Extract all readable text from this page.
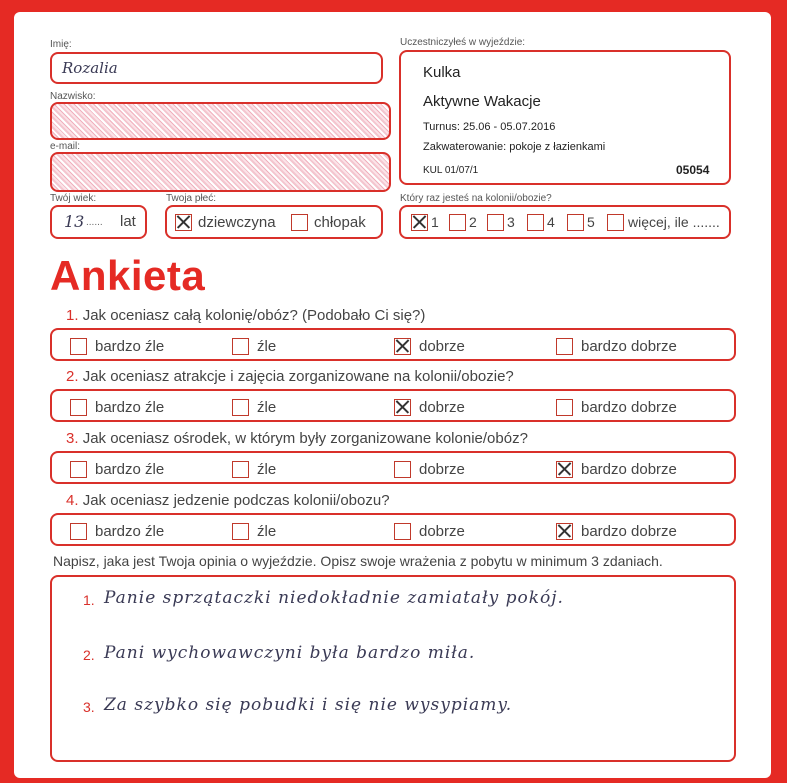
Imię:
Rozalia
Nazwisko:
e-mail:
Twój wiek:
13 ...... lat
Twoja płeć:
dziewczyna	chłopak
Uczestniczyłeś w wyjeździe:
Kulka
Aktywne Wakacje
Turnus: 25.06 - 05.07.2016
Zakwaterowanie: pokoje z łazienkami
KUL 01/07/1	05054
Który raz jesteś na kolonii/obozie?
1	2	3	4	5	więcej, ile .......
Ankieta
Napisz, jaka jest Twoja opinia o wyjeździe. Opisz swoje wrażenia z pobytu w minimum 3 zdaniach.
1. Jak oceniasz całą kolonię/obóz? (Podobało Ci się?)
bardzo źle	źle	dobrze	bardzo dobrze
2. Jak oceniasz atrakcje i zajęcia zorganizowane na kolonii/obozie?
bardzo źle	źle	dobrze	bardzo dobrze
3. Jak oceniasz ośrodek, w którym były zorganizowane kolonie/obóz?
bardzo źle	źle	dobrze	bardzo dobrze
4. Jak oceniasz jedzenie podczas kolonii/obozu?
bardzo źle	źle	dobrze	bardzo dobrze
1. Panie sprzątaczki niedokładnie zamiatały pokój.
2. Pani wychowawczyni była bardzo miła.
3. Za szybko się pobudki i się nie wysypiamy.
